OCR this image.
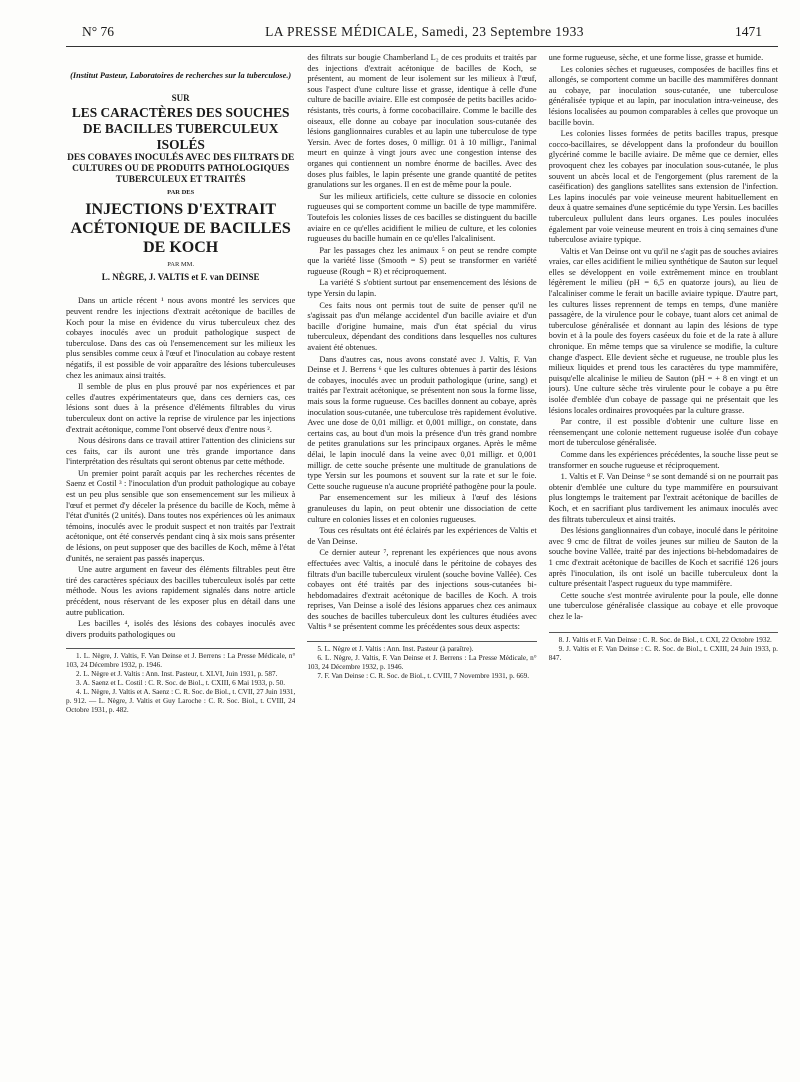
N° 76	LA PRESSE MÉDICALE, Samedi, 23 Septembre 1933	1471
(Institut Pasteur, Laboratoires de recherches sur la tuberculose.)
SUR
LES CARACTÈRES DES SOUCHES DE BACILLES TUBERCULEUX ISOLÉS
DES COBAYES INOCULÉS AVEC DES FILTRATS DE CULTURES OU DE PRODUITS PATHOLOGIQUES TUBERCULEUX ET TRAITÉS
PAR DES
INJECTIONS D'EXTRAIT ACÉTONIQUE DE BACILLES DE KOCH
PAR MM.
L. NÈGRE, J. VALTIS et F. van DEINSE

Dans un article récent ¹ nous avons montré les services que peuvent rendre les injections d'extrait acétonique de bacilles de Koch pour la mise en évidence du virus tuberculeux chez des cobayes inoculés avec un produit pathologique suspect de tuberculose. Dans des cas où l'ensemencement sur les milieux les plus sensibles comme ceux à l'œuf et l'inoculation au cobaye restent négatifs, il est possible de voir apparaître des lésions tuberculeuses chez les animaux ainsi traités.

Il semble de plus en plus prouvé par nos expériences et par celles d'autres expérimentateurs que, dans ces derniers cas, ces lésions sont dues à la présence d'éléments filtrables du virus tuberculeux dont on active la reprise de virulence par les injections d'extrait acétonique, comme l'ont observé deux d'entre nous ².

Nous désirons dans ce travail attirer l'attention des cliniciens sur ces faits, car ils auront une très grande importance dans l'interprétation des résultats qui seront obtenus par cette méthode.

Un premier point paraît acquis par les recherches récentes de Saenz et Costil ³ : l'inoculation d'un produit pathologique au cobaye est un peu plus sensible que son ensemencement sur les milieux à l'œuf et permet d'y déceler la présence du bacille de Koch, même à l'état d'unités (2 unités). Dans toutes nos expériences où les animaux témoins, inoculés avec le produit suspect et non traités par l'extrait acétonique, ont été conservés pendant cinq à six mois sans présenter de lésions, on peut supposer que des bacilles de Koch, même à l'état d'unités, ne seraient pas passés inaperçus.

Une autre argument en faveur des éléments filtrables peut être tiré des caractères spéciaux des bacilles tuberculeux isolés par cette méthode. Nous les avions rapidement signalés dans notre article précédent, nous réservant de les exposer plus en détail dans une autre publication.

Les bacilles ⁴, isolés des lésions des cobayes inoculés avec divers produits pathologiques ou

1. L. Nègre, J. Valtis, F. Van Deinse et J. Berrens : La Presse Médicale, n° 103, 24 Décembre 1932, p. 1946.
2. L. Nègre et J. Valtis : Ann. Inst. Pasteur, t. XLVI, Juin 1931, p. 587.
3. A. Saenz et L. Costil : C. R. Soc. de Biol., t. CXIII, 6 Mai 1933, p. 50.
4. L. Nègre, J. Valtis et A. Saenz : C. R. Soc. de Biol., t. CVII, 27 Juin 1931, p. 912. — L. Nègre, J. Valtis et Guy Laroche : C. R. Soc. Biol., t. CVIII, 24 Octobre 1931, p. 482.

des filtrats sur bougie Chamberland L₂ de ces produits et traités par des injections d'extrait acétonique de bacilles de Koch, se présentent, au moment de leur isolement sur les milieux à l'œuf, sous l'aspect d'une culture lisse et grasse, identique à celle d'une culture de bacille aviaire. Elle est composée de petits bacilles acido-résistants, très courts, à forme cocobacillaire. Comme le bacille des oiseaux, elle donne au cobaye par inoculation sous-cutanée des lésions ganglionnaires curables et au lapin une tuberculose de type Yersin. Avec de fortes doses, 0 milligr. 01 à 10 milligr., l'animal meurt en quinze à vingt jours avec une congestion intense des organes qui contiennent un nombre énorme de bacilles. Avec des doses plus faibles, le lapin présente une grande quantité de petites granulations sur les organes. Il en est de même pour la poule.

Sur les milieux artificiels, cette culture se dissocie en colonies rugueuses qui se comportent comme un bacille de type mammifère. Toutefois les colonies lisses de ces bacilles se distinguent du bacille aviaire en ce qu'elles acidifient le milieu de culture, et les colonies rugueuses du bacille humain en ce qu'elles l'alcalinisent.

Par les passages chez les animaux ⁵ on peut se rendre compte que la variété lisse (Smooth = S) peut se transformer en variété rugueuse (Rough = R) et réciproquement.

La variété S s'obtient surtout par ensemencement des lésions de type Yersin du lapin.

Ces faits nous ont permis tout de suite de penser qu'il ne s'agissait pas d'un mélange accidentel d'un bacille aviaire et d'un bacille d'origine humaine, mais d'un état spécial du virus tuberculeux, dépendant des conditions dans lesquelles nos cultures avaient été obtenues.

Dans d'autres cas, nous avons constaté avec J. Valtis, F. Van Deinse et J. Berrens ⁶ que les cultures obtenues à partir des lésions de cobayes, inoculés avec un produit pathologique (urine, sang) et traités par l'extrait acétonique, se présentent non sous la forme lisse, mais sous la forme rugueuse. Ces bacilles donnent au cobaye, après inoculation sous-cutanée, une tuberculose très rapidement évolutive. Avec une dose de 0,01 milligr. et 0,001 milligr., on constate, dans certains cas, au bout d'un mois la présence d'un très grand nombre de petites granulations sur les principaux organes. Après le même délai, le lapin inoculé dans la veine avec 0,01 milligr. et 0,001 milligr. de cette souche présente une multitude de granulations de type Yersin sur les poumons et souvent sur la rate et sur le foie. Cette souche rugueuse n'a aucune propriété pathogène pour la poule.

Par ensemencement sur les milieux à l'œuf des lésions granuleuses du lapin, on peut obtenir une dissociation de cette culture en colonies lisses et en colonies rugueuses.

Tous ces résultats ont été éclairés par les expériences de Valtis et de Van Deinse.

Ce dernier auteur ⁷, reprenant les expériences que nous avons effectuées avec Valtis, a inoculé dans le péritoine de cobayes des filtrats d'un bacille tuberculeux virulent (souche bovine Vallée). Ces cobayes ont été traités par des injections sous-cutanées bi-hebdomadaires d'extrait acétonique de bacilles de Koch. A trois reprises, Van Deinse a isolé des lésions apparues chez ces animaux des souches de bacilles tuberculeux dont les cultures étudiées avec Valtis ⁸ se présentent comme les précédentes sous deux aspects:

5. L. Nègre et J. Valtis : Ann. Inst. Pasteur (à paraître).
6. L. Nègre, J. Valtis, F. Van Deinse et J. Berrens : La Presse Médicale, n° 103, 24 Décembre 1932, p. 1946.
7. F. Van Deinse : C. R. Soc. de Biol., t. CVIII, 7 Novembre 1931, p. 669.

une forme rugueuse, sèche, et une forme lisse, grasse et humide.

Les colonies sèches et rugueuses, composées de bacilles fins et allongés, se comportent comme un bacille des mammifères donnant au cobaye, par inoculation sous-cutanée, une tuberculose généralisée typique et au lapin, par inoculation intra-veineuse, des lésions localisées au poumon comparables à celles que provoque un bacille bovin.

Les colonies lisses formées de petits bacilles trapus, presque cocco-bacillaires, se développent dans la profondeur du bouillon glycériné comme le bacille aviaire. De même que ce dernier, elles provoquent chez les cobayes par inoculation sous-cutanée, le plus souvent un abcès local et de l'engorgement (plus rarement de la caséification) des ganglions satellites sans extension de l'infection. Les lapins inoculés par voie veineuse meurent habituellement en deux à quatre semaines d'une septicémie du type Yersin. Les bacilles tuberculeux pullulent dans leurs organes. Les poules inoculées également par voie veineuse meurent en trois à cinq semaines d'une tuberculose aviaire typique.

Valtis et Van Deinse ont vu qu'il ne s'agit pas de souches aviaires vraies, car elles acidifient le milieu synthétique de Sauton sur lequel elles se développent en voile extrêmement mince en troublant légèrement le milieu (pH = 6,5 en quatorze jours), au lieu de l'alcaliniser comme le ferait un bacille aviaire typique. D'autre part, les cultures lisses reprennent de temps en temps, d'une manière passagère, de la virulence pour le cobaye, tuant alors cet animal de tuberculose généralisée et donnant au lapin des lésions de type bovin et à la poule des foyers caséeux du foie et de la rate à allure chronique. En même temps que sa virulence se modifie, la culture change d'aspect. Elle devient sèche et rugueuse, ne trouble plus les milieux liquides et prend tous les caractères du type mammifère, puisqu'elle alcalinise le milieu de Sauton (pH = + 8 en vingt et un jours). Une culture sèche très virulente pour le cobaye a pu être isolée d'emblée d'un cobaye de passage qui ne présentait que les lésions locales ordinaires provoquées par la culture grasse.

Par contre, il est possible d'obtenir une culture lisse en réensemençant une colonie nettement rugueuse isolée d'un cobaye mort de tuberculose généralisée.

Comme dans les expériences précédentes, la souche lisse peut se transformer en souche rugueuse et réciproquement.

1. Valtis et F. Van Deinse ⁹ se sont demandé si on ne pourrait pas obtenir d'emblée une culture du type mammifère en poursuivant plus longtemps le traitement par l'extrait acétonique de bacilles de Koch, et en sacrifiant plus tardivement les animaux inoculés avec des filtrats tuberculeux et ainsi traités.

Des lésions ganglionnaires d'un cobaye, inoculé dans le péritoine avec 9 cmc de filtrat de voiles jeunes sur milieu de Sauton de la souche bovine Vallée, traité par des injections bi-hebdomadaires de 1 cmc d'extrait acétonique de bacilles de Koch et sacrifié 126 jours après l'inoculation, ils ont isolé un bacille tuberculeux dont la culture présentait l'aspect rugueux du type mammifère.

Cette souche s'est montrée avirulente pour la poule, elle donne une tuberculose généralisée classique au cobaye et elle provoque chez le la-

8. J. Valtis et F. Van Deinse : C. R. Soc. de Biol., t. CXI, 22 Octobre 1932.
9. J. Valtis et F. Van Deinse : C. R. Soc. de Biol., t. CXIII, 24 Juin 1933, p. 847.
